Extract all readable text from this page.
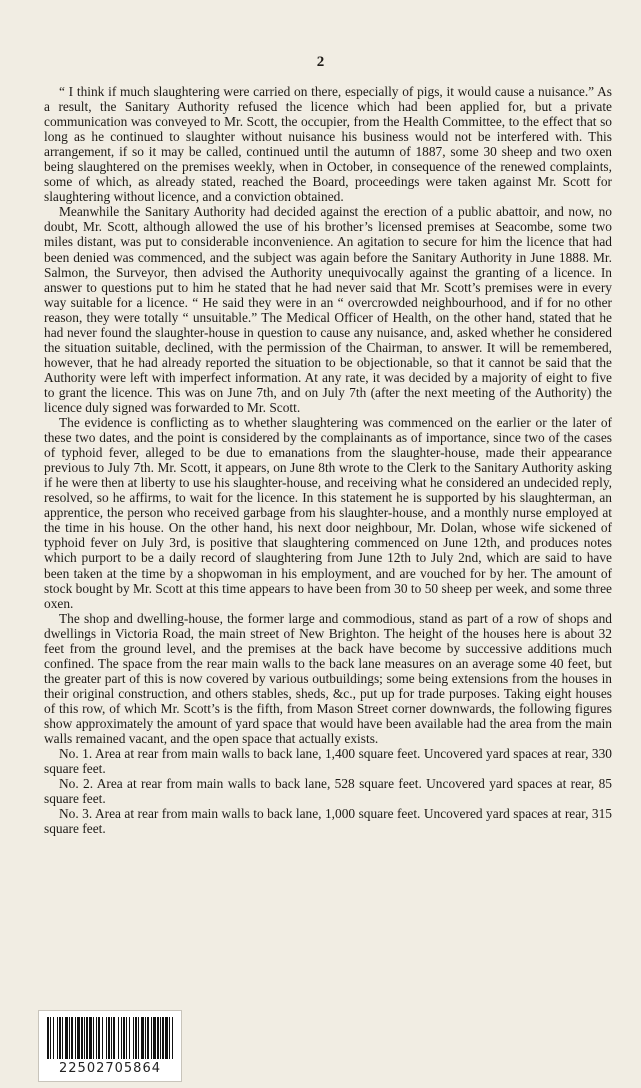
2

“ I think if much slaughtering were carried on there, especially of pigs, it would cause a nuisance.” As a result, the Sanitary Authority refused the licence which had been applied for, but a private communication was conveyed to Mr. Scott, the occupier, from the Health Committee, to the effect that so long as he continued to slaughter without nuisance his business would not be interfered with. This arrangement, if so it may be called, continued until the autumn of 1887, some 30 sheep and two oxen being slaughtered on the premises weekly, when in October, in consequence of the renewed complaints, some of which, as already stated, reached the Board, proceedings were taken against Mr. Scott for slaughtering without licence, and a conviction obtained.

Meanwhile the Sanitary Authority had decided against the erection of a public abattoir, and now, no doubt, Mr. Scott, although allowed the use of his brother’s licensed premises at Seacombe, some two miles distant, was put to considerable inconvenience. An agitation to secure for him the licence that had been denied was commenced, and the subject was again before the Sanitary Authority in June 1888. Mr. Salmon, the Surveyor, then advised the Authority unequivocally against the granting of a licence. In answer to questions put to him he stated that he had never said that Mr. Scott’s premises were in every way suitable for a licence. “ He said they were in an “ overcrowded neighbourhood, and if for no other reason, they were totally “ unsuitable.” The Medical Officer of Health, on the other hand, stated that he had never found the slaughter-house in question to cause any nuisance, and, asked whether he considered the situation suitable, declined, with the permission of the Chairman, to answer. It will be remembered, however, that he had already reported the situation to be objectionable, so that it cannot be said that the Authority were left with imperfect information. At any rate, it was decided by a majority of eight to five to grant the licence. This was on June 7th, and on July 7th (after the next meeting of the Authority) the licence duly signed was forwarded to Mr. Scott.

The evidence is conflicting as to whether slaughtering was commenced on the earlier or the later of these two dates, and the point is considered by the complainants as of importance, since two of the cases of typhoid fever, alleged to be due to emanations from the slaughter-house, made their appearance previous to July 7th. Mr. Scott, it appears, on June 8th wrote to the Clerk to the Sanitary Authority asking if he were then at liberty to use his slaughter-house, and receiving what he considered an undecided reply, resolved, so he affirms, to wait for the licence. In this statement he is supported by his slaughterman, an apprentice, the person who received garbage from his slaughter-house, and a monthly nurse employed at the time in his house. On the other hand, his next door neighbour, Mr. Dolan, whose wife sickened of typhoid fever on July 3rd, is positive that slaughtering commenced on June 12th, and produces notes which purport to be a daily record of slaughtering from June 12th to July 2nd, which are said to have been taken at the time by a shopwoman in his employment, and are vouched for by her. The amount of stock bought by Mr. Scott at this time appears to have been from 30 to 50 sheep per week, and some three oxen.

The shop and dwelling-house, the former large and commodious, stand as part of a row of shops and dwellings in Victoria Road, the main street of New Brighton. The height of the houses here is about 32 feet from the ground level, and the premises at the back have become by successive additions much confined. The space from the rear main walls to the back lane measures on an average some 40 feet, but the greater part of this is now covered by various outbuildings; some being extensions from the houses in their original construction, and others stables, sheds, &c., put up for trade purposes. Taking eight houses of this row, of which Mr. Scott’s is the fifth, from Mason Street corner downwards, the following figures show approximately the amount of yard space that would have been available had the area from the main walls remained vacant, and the open space that actually exists.

No. 1. Area at rear from main walls to back lane, 1,400 square feet. Uncovered yard spaces at rear, 330 square feet.

No. 2. Area at rear from main walls to back lane, 528 square feet. Uncovered yard spaces at rear, 85 square feet.

No. 3. Area at rear from main walls to back lane, 1,000 square feet. Uncovered yard spaces at rear, 315 square feet.

22502705864
